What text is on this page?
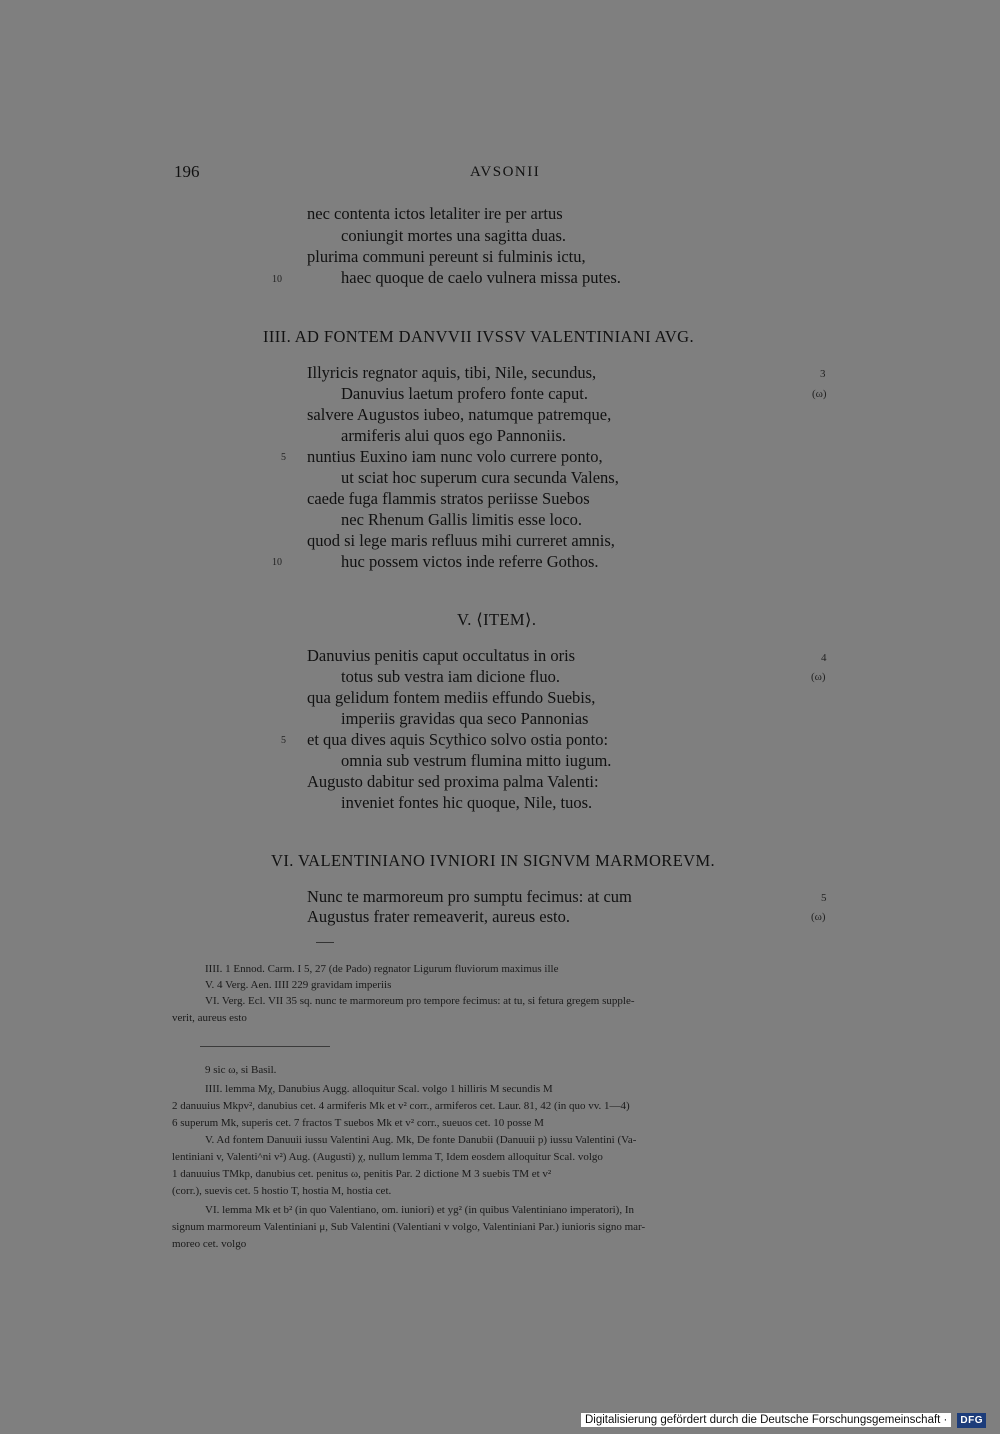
196	AVSONII
nec contenta ictos letaliter ire per artus
coniungit mortes una sagitta duas.
plurima communi pereunt si fulminis ictu,
10	haec quoque de caelo vulnera missa putes.
IIII. AD FONTEM DANVVII IVSSV VALENTINIANI AVG.
Illyricis regnator aquis, tibi, Nile, secundus,	3
Danuvius laetum profero fonte caput.	(ω)
salvere Augustos iubeo, natumque patremque,
armiferis alui quos ego Pannoniis.
5 nuntius Euxino iam nunc volo currere ponto,
ut sciat hoc superum cura secunda Valens,
caede fuga flammis stratos periisse Suebos
nec Rhenum Gallis limitis esse loco.
quod si lege maris refluus mihi curreret amnis,
10	huc possem victos inde referre Gothos.
V. ⟨ITEM⟩.
Danuvius penitis caput occultatus in oris	4
totus sub vestra iam dicione fluo.	(ω)
qua gelidum fontem mediis effundo Suebis,
imperiis gravidas qua seco Pannonias
5 et qua dives aquis Scythico solvo ostia ponto:
omnia sub vestrum flumina mitto iugum.
Augusto dabitur sed proxima palma Valenti:
inveniet fontes hic quoque, Nile, tuos.
VI. VALENTINIANO IVNIORI IN SIGNVM MARMOREVM.
Nunc te marmoreum pro sumptu fecimus: at cum	5
Augustus frater remeaverit, aureus esto.	(ω)
IIII. 1 Ennod. Carm. I 5, 27 (de Pado) regnator Ligurum fluviorum maximus ille
V. 4 Verg. Aen. IIII 229 gravidam imperiis
VI. Verg. Ecl. VII 35 sq. nunc te marmoreum pro tempore fecimus: at tu, si fetura gregem supple-
verit, aureus esto
9 sic ω, si Basil.
IIII. lemma Mχ, Danubius Augg. alloquitur Scal. volgo 1 hilliris M secundis M
2 danuuius Mkpv², danubius cet. 4 armiferis Mk et v² corr., armiferos cet. Laur. 81, 42 (in quo vv. 1—4)
6 superum Mk, superis cet. 7 fractos T suebos Mk et v² corr., sueuos cet. 10 posse M
V. Ad fontem Danuuii iussu Valentini Aug. Mk, De fonte Danubii (Danuuii p) iussu Valentini (Va-
lentiniani v, Valenti^ni v²) Aug. (Augusti) χ, nullum lemma T, Idem eosdem alloquitur Scal. volgo
1 danuuius TMkp, danubius cet. penitus ω, penitis Par. 2 dictione M 3 suebis TM et v²
(corr.), suevis cet. 5 hostio T, hostia M, hostia cet.
VI. lemma Mk et b² (in quo Valentiano, om. iuniori) et yg² (in quibus Valentiniano imperatori), In
signum marmoreum Valentiniani μ, Sub Valentini (Valentiani v volgo, Valentiniani Par.) iunioris signo mar-
moreo cet. volgo
Digitalisierung gefördert durch die Deutsche Forschungsgemeinschaft ·	DFG
